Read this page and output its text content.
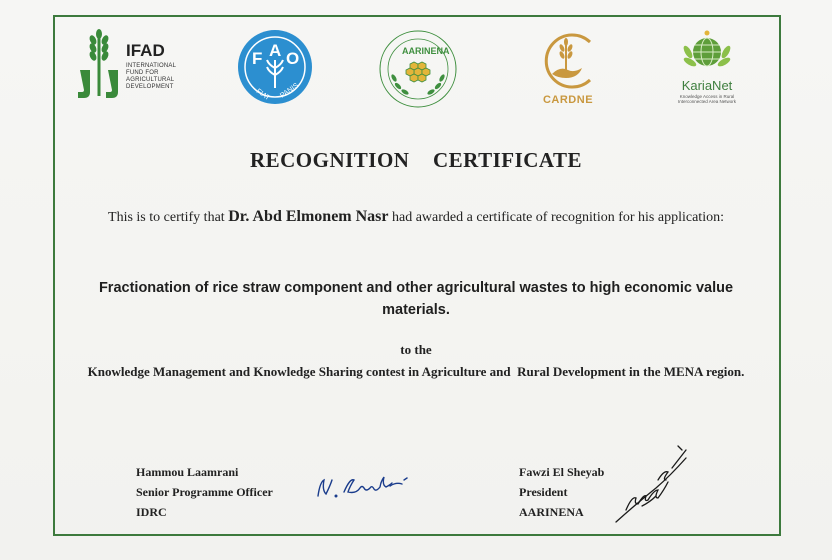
IFAD
INTERNATIONAL
FUND FOR
AGRICULTURAL
DEVELOPMENT
F A O
FIAT PANIS
AARINENA
CARDNE
KariaNet
Knowledge Access in Rural Interconnected Area Network
RECOGNITION  CERTIFICATE
This is to certify that Dr. Abd Elmonem Nasr had awarded a certificate of recognition for his application:
Fractionation of rice straw component and other agricultural wastes to high economic value materials.
to the
Knowledge Management and Knowledge Sharing contest in Agriculture and  Rural Development in the MENA region.
Hammou Laamrani
Senior Programme Officer
IDRC
Fawzi El Sheyab
President
AARINENA
